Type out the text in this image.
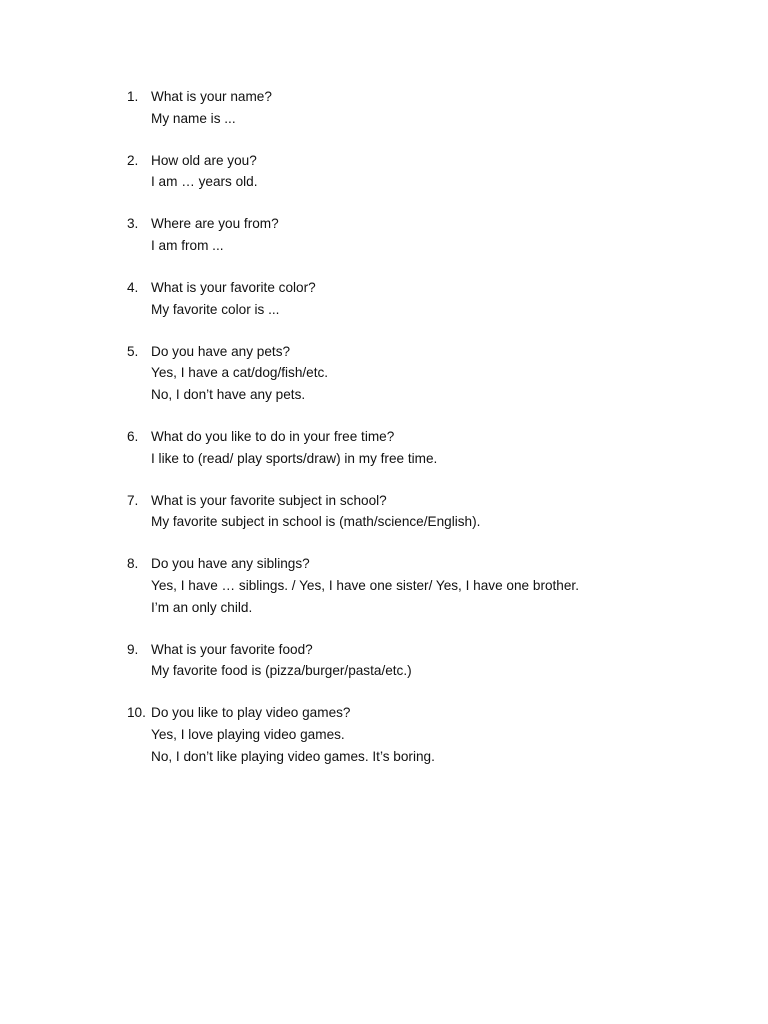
1. What is your name?
My name is ...
2. How old are you?
I am … years old.
3. Where are you from?
I am from ...
4. What is your favorite color?
My favorite color is ...
5. Do you have any pets?
Yes, I have a cat/dog/fish/etc.
No, I don’t have any pets.
6. What do you like to do in your free time?
I like to (read/ play sports/draw) in my free time.
7. What is your favorite subject in school?
My favorite subject in school is (math/science/English).
8. Do you have any siblings?
Yes, I have … siblings. / Yes, I have one sister/ Yes, I have one brother.
I’m an only child.
9. What is your favorite food?
My favorite food is (pizza/burger/pasta/etc.)
10. Do you like to play video games?
Yes, I love playing video games.
No, I don’t like playing video games. It’s boring.
